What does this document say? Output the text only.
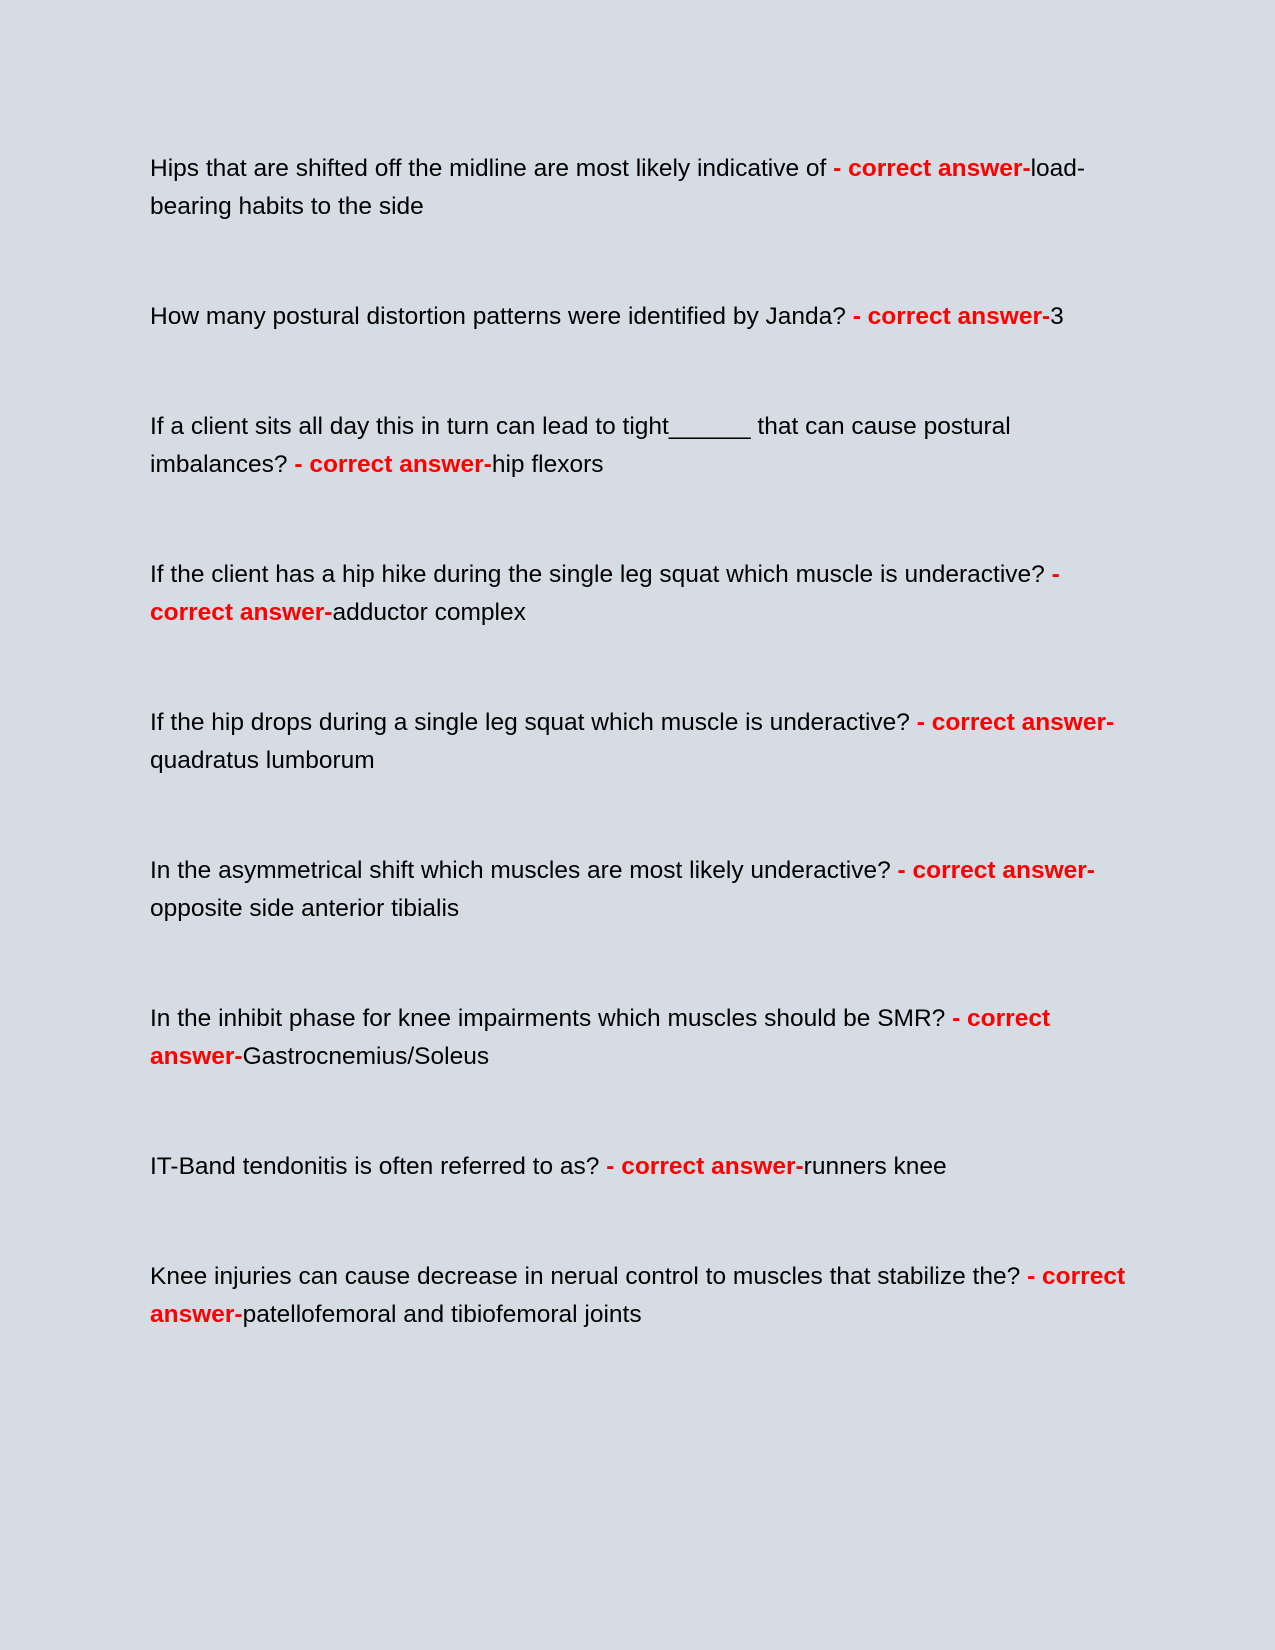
Hips that are shifted off the midline are most likely indicative of - correct answer-load-bearing habits to the side

How many postural distortion patterns were identified by Janda? - correct answer-3

If a client sits all day this in turn can lead to tight______ that can cause postural imbalances? - correct answer-hip flexors

If the client has a hip hike during the single leg squat which muscle is underactive? - correct answer-adductor complex

If the hip drops during a single leg squat which muscle is underactive? - correct answer-quadratus lumborum

In the asymmetrical shift which muscles are most likely underactive? - correct answer-opposite side anterior tibialis

In the inhibit phase for knee impairments which muscles should be SMR? - correct answer-Gastrocnemius/Soleus

IT-Band tendonitis is often referred to as? - correct answer-runners knee

Knee injuries can cause decrease in nerual control to muscles that stabilize the? - correct answer-patellofemoral and tibiofemoral joints
